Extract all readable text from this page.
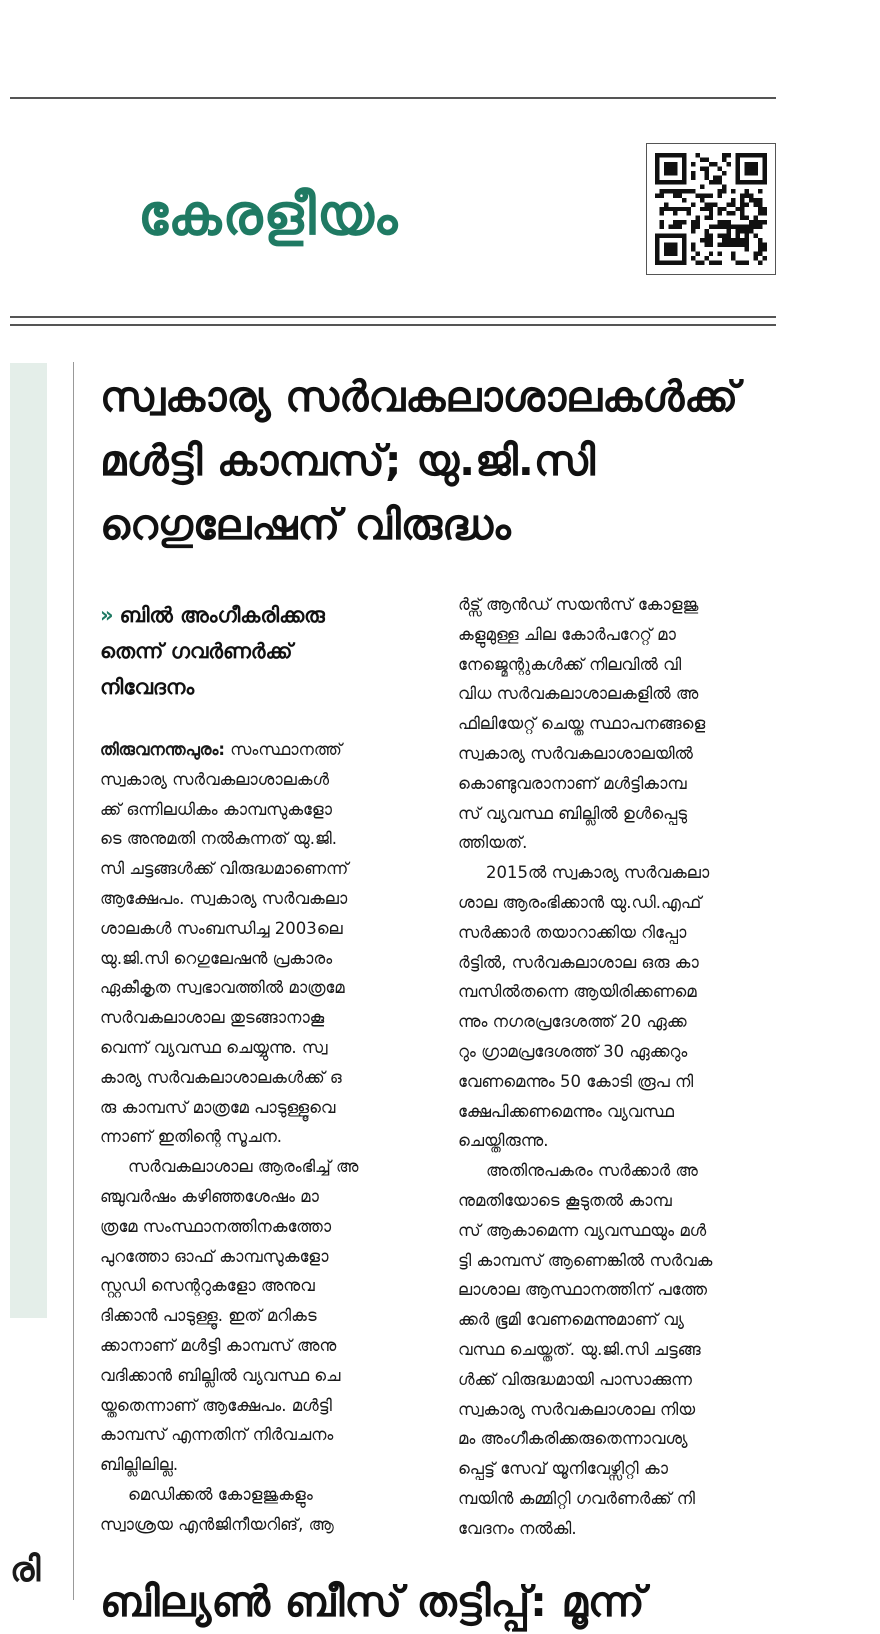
കേരളീയം
രി
സ്വകാര്യ സർവകലാശാലകൾക്ക്
മൾട്ടി കാമ്പസ്; യു.ജി.സി
റെഗുലേഷന് വിരുദ്ധം
» ബിൽ അംഗീകരിക്കരു
തെന്ന് ഗവർണർക്ക്
നിവേദനം
തിരുവനന്തപുരം: സംസ്ഥാനത്ത്
സ്വകാര്യ സർവകലാശാലകൾ
ക്ക് ഒന്നിലധികം കാമ്പസുകളോ
ടെ അനുമതി നൽകുന്നത് യു.ജി.
സി ചട്ടങ്ങൾക്ക് വിരുദ്ധമാണെന്ന്
ആക്ഷേപം. സ്വകാര്യ സർവകലാ
ശാലകൾ സംബന്ധിച്ച 2003ലെ
യു.ജി.സി റെഗുലേഷൻ പ്രകാരം
ഏകീകൃത സ്വഭാവത്തിൽ മാത്രമേ
സർവകലാശാല തുടങ്ങാനാകൂ
വെന്ന് വ്യവസ്ഥ ചെയ്യുന്നു. സ്വ
കാര്യ സർവകലാശാലകൾക്ക് ഒ
രു കാമ്പസ് മാത്രമേ പാടുള്ളൂവെ
ന്നാണ് ഇതിന്റെ സൂചന.
സർവകലാശാല ആരംഭിച്ച് അ
ഞ്ചുവർഷം കഴിഞ്ഞശേഷം മാ
ത്രമേ സംസ്ഥാനത്തിനകത്തോ
പുറത്തോ ഓഫ് കാമ്പസുകളോ
സ്റ്റഡി സെന്ററുകളോ അനുവ
ദിക്കാൻ പാടുള്ളൂ. ഇത് മറികട
ക്കാനാണ് മൾട്ടി കാമ്പസ് അനു
വദിക്കാൻ ബില്ലിൽ വ്യവസ്ഥ ചെ
യ്തതെന്നാണ് ആക്ഷേപം. മൾട്ടി
കാമ്പസ് എന്നതിന് നിർവചനം
ബില്ലിലില്ല.
മെഡിക്കൽ കോളജുകളും
സ്വാശ്രയ എൻജിനീയറിങ്, ആ
ർട്സ് ആൻഡ് സയൻസ് കോളജു
കളുമുള്ള ചില കോർപറേറ്റ് മാ
നേജ്മെന്റുകൾക്ക് നിലവിൽ വി
വിധ സർവകലാശാലകളിൽ അ
ഫിലിയേറ്റ് ചെയ്ത സ്ഥാപനങ്ങളെ
സ്വകാര്യ സർവകലാശാലയിൽ
കൊണ്ടുവരാനാണ് മൾട്ടികാമ്പ
സ് വ്യവസ്ഥ ബില്ലിൽ ഉൾപ്പെടു
ത്തിയത്.
2015ൽ സ്വകാര്യ സർവകലാ
ശാല ആരംഭിക്കാൻ യു.ഡി.എഫ്
സർക്കാർ തയാറാക്കിയ റിപ്പോ
ർട്ടിൽ, സർവകലാശാല ഒരു കാ
മ്പസിൽതന്നെ ആയിരിക്കണമെ
ന്നും നഗരപ്രദേശത്ത് 20 ഏക്ക
റും ഗ്രാമപ്രദേശത്ത് 30 ഏക്കറും
വേണമെന്നും 50 കോടി രൂപ നി
ക്ഷേപിക്കണമെന്നും വ്യവസ്ഥ
ചെയ്തിരുന്നു.
അതിനുപകരം സർക്കാർ അ
നുമതിയോടെ കൂടുതൽ കാമ്പ
സ് ആകാമെന്ന വ്യവസ്ഥയും മൾ
ട്ടി കാമ്പസ് ആണെങ്കിൽ സർവക
ലാശാല ആസ്ഥാനത്തിന് പത്തേ
ക്കർ ഭൂമി വേണമെന്നുമാണ് വ്യ
വസ്ഥ ചെയ്തത്. യു.ജി.സി ചട്ടങ്ങ
ൾക്ക് വിരുദ്ധമായി പാസാക്കുന്ന
സ്വകാര്യ സർവകലാശാല നിയ
മം അംഗീകരിക്കരുതെന്നാവശ്യ
പ്പെട്ട് സേവ് യൂനിവേഴ്സിറ്റി കാ
മ്പയിൻ കമ്മിറ്റി ഗവർണർക്ക് നി
വേദനം നൽകി.
ബില്യൺ ബീസ് തട്ടിപ്പ്: മൂന്ന്
